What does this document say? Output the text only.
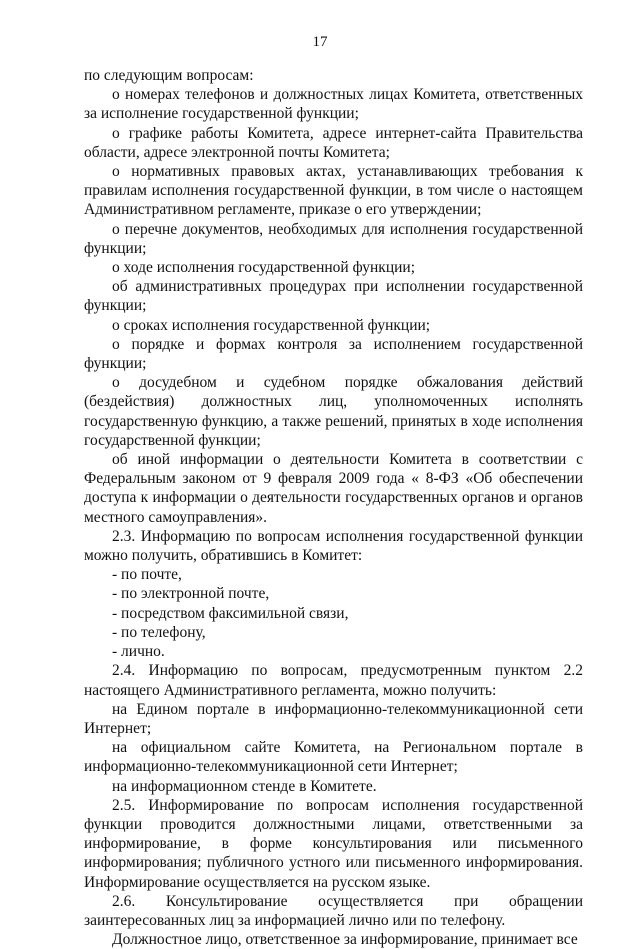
17

по следующим вопросам:

о номерах телефонов и должностных лицах Комитета, ответственных за исполнение государственной функции;

о графике работы Комитета, адресе интернет-сайта Правительства области, адресе электронной почты Комитета;

о нормативных правовых актах, устанавливающих требования к правилам исполнения государственной функции, в том числе о настоящем Административном регламенте, приказе о его утверждении;

о перечне документов, необходимых для исполнения государственной функции;

о ходе исполнения государственной функции;

об административных процедурах при исполнении государственной функции;

о сроках исполнения государственной функции;

о порядке и формах контроля за исполнением государственной функции;

о досудебном и судебном порядке обжалования действий (бездействия) должностных лиц, уполномоченных исполнять государственную функцию, а также решений, принятых в ходе исполнения государственной функции;

об иной информации о деятельности Комитета в соответствии с Федеральным законом от 9 февраля 2009 года « 8-ФЗ «Об обеспечении доступа к информации о деятельности государственных органов и органов местного самоуправления».

2.3. Информацию по вопросам исполнения государственной функции можно получить, обратившись в Комитет:

- по почте,

- по электронной почте,

- посредством факсимильной связи,

- по телефону,

- лично.

2.4. Информацию по вопросам, предусмотренным пунктом 2.2 настоящего Административного регламента, можно получить:

на Едином портале в информационно-телекоммуникационной сети Интернет;

на официальном сайте Комитета, на Региональном портале в информационно-телекоммуникационной сети Интернет;

на информационном стенде в Комитете.

2.5. Информирование по вопросам исполнения государственной функции проводится должностными лицами, ответственными за информирование, в форме консультирования или письменного информирования; публичного устного или письменного информирования. Информирование осуществляется на русском языке.

2.6. Консультирование осуществляется при обращении заинтересованных лиц за информацией лично или по телефону.

Должностное лицо, ответственное за информирование, принимает все
